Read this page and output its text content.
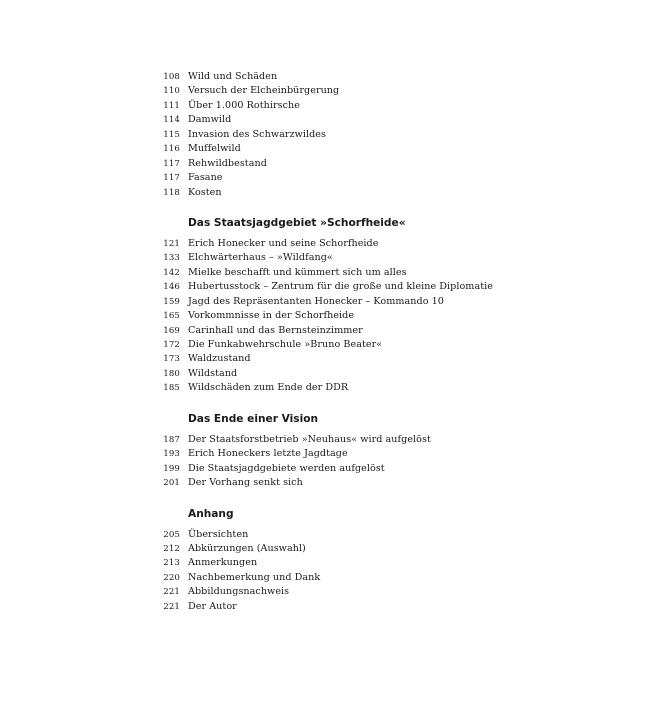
108 Wild und Schäden
110 Versuch der Elcheinbürgerung
111 Über 1.000 Rothirsche
114 Damwild
115 Invasion des Schwarzwildes
116 Muffelwild
117 Rehwildbestand
117 Fasane
118 Kosten
Das Staatsjagdgebiet »Schorfheide«
121 Erich Honecker und seine Schorfheide
133 Elchwärterhaus – »Wildfang«
142 Mielke beschafft und kümmert sich um alles
146 Hubertusstock – Zentrum für die große und kleine Diplomatie
159 Jagd des Repräsentanten Honecker – Kommando 10
165 Vorkommnisse in der Schorfheide
169 Carinhall und das Bernsteinzimmer
172 Die Funkabwehrschule »Bruno Beater«
173 Waldzustand
180 Wildstand
185 Wildschäden zum Ende der DDR
Das Ende einer Vision
187 Der Staatsforstbetrieb »Neuhaus« wird aufgelöst
193 Erich Honeckers letzte Jagdtage
199 Die Staatsjagdgebiete werden aufgelöst
201 Der Vorhang senkt sich
Anhang
205 Übersichten
212 Abkürzungen (Auswahl)
213 Anmerkungen
220 Nachbemerkung und Dank
221 Abbildungsnachweis
221 Der Autor
